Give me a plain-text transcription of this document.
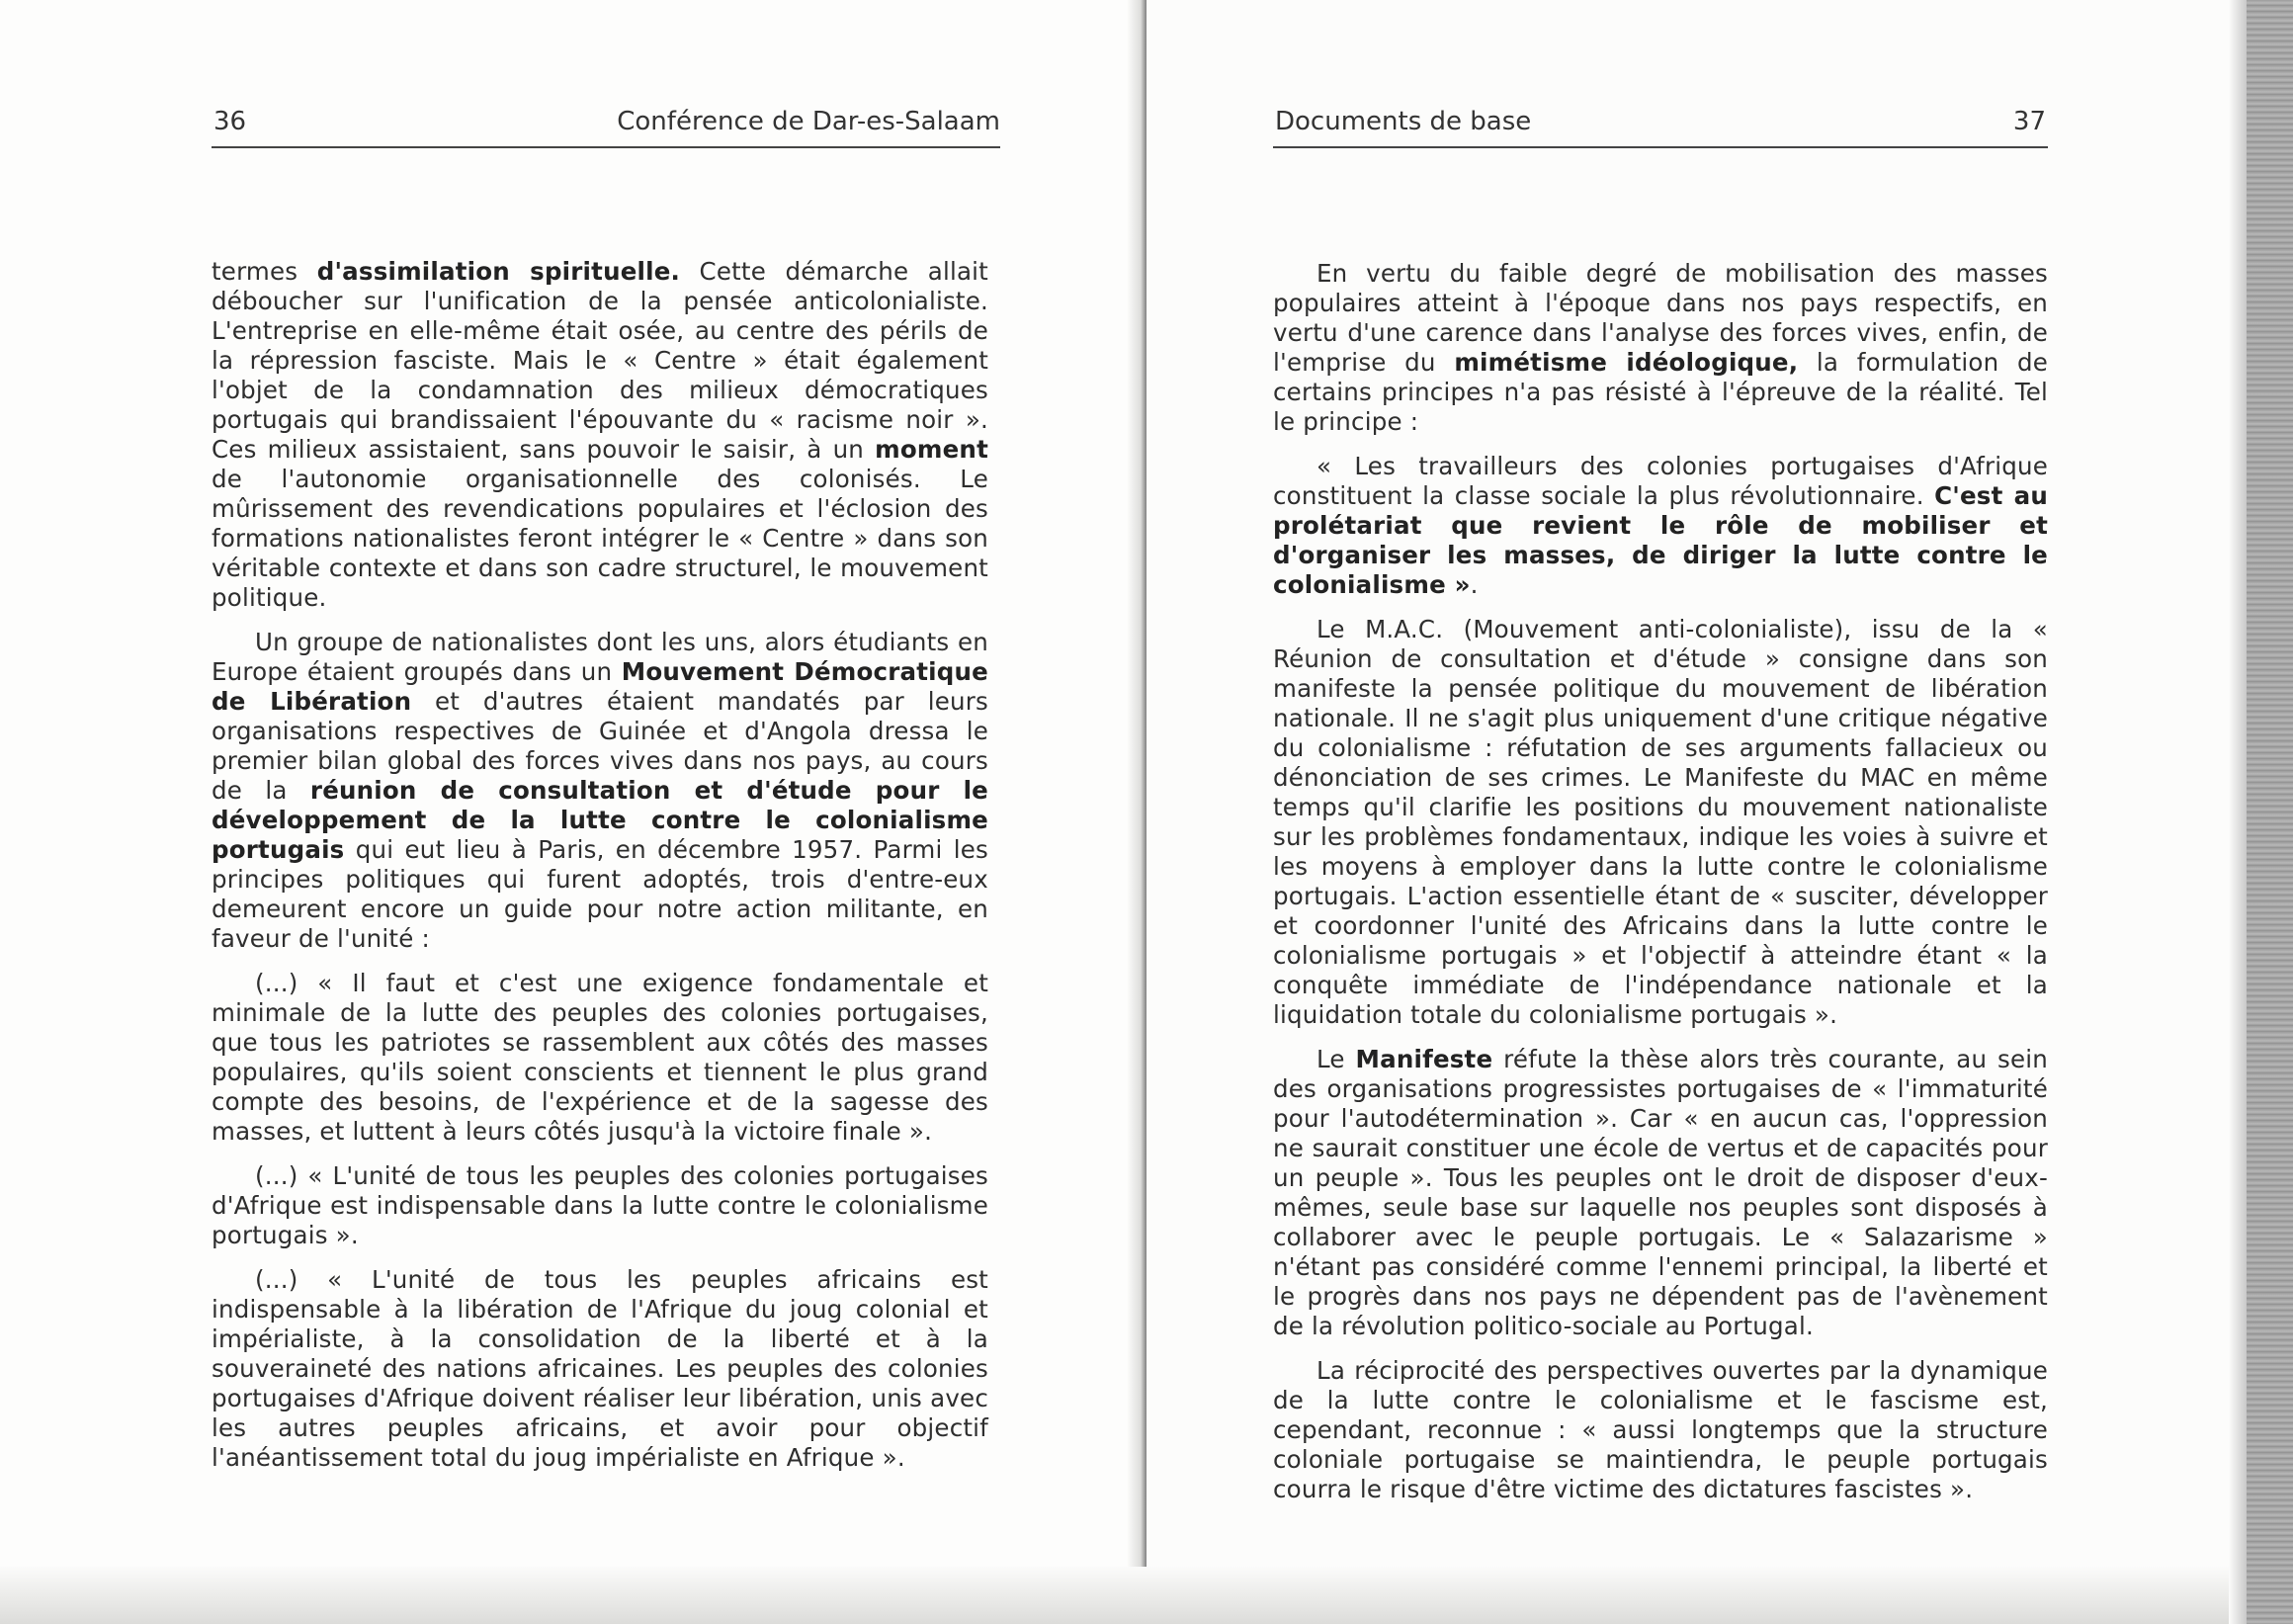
36	Conférence de Dar-es-Salaam

termes d'assimilation spirituelle. Cette démarche allait déboucher sur l'unification de la pensée anticolonialiste. L'entreprise en elle-même était osée, au centre des périls de la répression fasciste. Mais le « Centre » était également l'objet de la condamnation des milieux démocratiques portugais qui brandissaient l'épouvante du « racisme noir ». Ces milieux assistaient, sans pouvoir le saisir, à un moment de l'autonomie organisationnelle des colonisés. Le mûrissement des revendications populaires et l'éclosion des formations nationalistes feront intégrer le « Centre » dans son véritable contexte et dans son cadre structurel, le mouvement politique.

Un groupe de nationalistes dont les uns, alors étudiants en Europe étaient groupés dans un Mouvement Démocratique de Libération et d'autres étaient mandatés par leurs organisations respectives de Guinée et d'Angola dressa le premier bilan global des forces vives dans nos pays, au cours de la réunion de consultation et d'étude pour le développement de la lutte contre le colonialisme portugais qui eut lieu à Paris, en décembre 1957. Parmi les principes politiques qui furent adoptés, trois d'entre-eux demeurent encore un guide pour notre action militante, en faveur de l'unité :

(...) « Il faut et c'est une exigence fondamentale et minimale de la lutte des peuples des colonies portugaises, que tous les patriotes se rassemblent aux côtés des masses populaires, qu'ils soient conscients et tiennent le plus grand compte des besoins, de l'expérience et de la sagesse des masses, et luttent à leurs côtés jusqu'à la victoire finale ».

(...) « L'unité de tous les peuples des colonies portugaises d'Afrique est indispensable dans la lutte contre le colonialisme portugais ».

(...) « L'unité de tous les peuples africains est indispensable à la libération de l'Afrique du joug colonial et impérialiste, à la consolidation de la liberté et à la souveraineté des nations africaines. Les peuples des colonies portugaises d'Afrique doivent réaliser leur libération, unis avec les autres peuples africains, et avoir pour objectif l'anéantissement total du joug impérialiste en Afrique ».

Documents de base	37

En vertu du faible degré de mobilisation des masses populaires atteint à l'époque dans nos pays respectifs, en vertu d'une carence dans l'analyse des forces vives, enfin, de l'emprise du mimétisme idéologique, la formulation de certains principes n'a pas résisté à l'épreuve de la réalité. Tel le principe :

« Les travailleurs des colonies portugaises d'Afrique constituent la classe sociale la plus révolutionnaire. C'est au prolétariat que revient le rôle de mobiliser et d'organiser les masses, de diriger la lutte contre le colonialisme ».

Le M.A.C. (Mouvement anti-colonialiste), issu de la « Réunion de consultation et d'étude » consigne dans son manifeste la pensée politique du mouvement de libération nationale. Il ne s'agit plus uniquement d'une critique négative du colonialisme : réfutation de ses arguments fallacieux ou dénonciation de ses crimes. Le Manifeste du MAC en même temps qu'il clarifie les positions du mouvement nationaliste sur les problèmes fondamentaux, indique les voies à suivre et les moyens à employer dans la lutte contre le colonialisme portugais. L'action essentielle étant de « susciter, développer et coordonner l'unité des Africains dans la lutte contre le colonialisme portugais » et l'objectif à atteindre étant « la conquête immédiate de l'indépendance nationale et la liquidation totale du colonialisme portugais ».

Le Manifeste réfute la thèse alors très courante, au sein des organisations progressistes portugaises de « l'immaturité pour l'autodétermination ». Car « en aucun cas, l'oppression ne saurait constituer une école de vertus et de capacités pour un peuple ». Tous les peuples ont le droit de disposer d'eux-mêmes, seule base sur laquelle nos peuples sont disposés à collaborer avec le peuple portugais. Le « Salazarisme » n'étant pas considéré comme l'ennemi principal, la liberté et le progrès dans nos pays ne dépendent pas de l'avènement de la révolution politico-sociale au Portugal.

La réciprocité des perspectives ouvertes par la dynamique de la lutte contre le colonialisme et le fascisme est, cependant, reconnue : « aussi longtemps que la structure coloniale portugaise se maintiendra, le peuple portugais courra le risque d'être victime des dictatures fascistes ».
